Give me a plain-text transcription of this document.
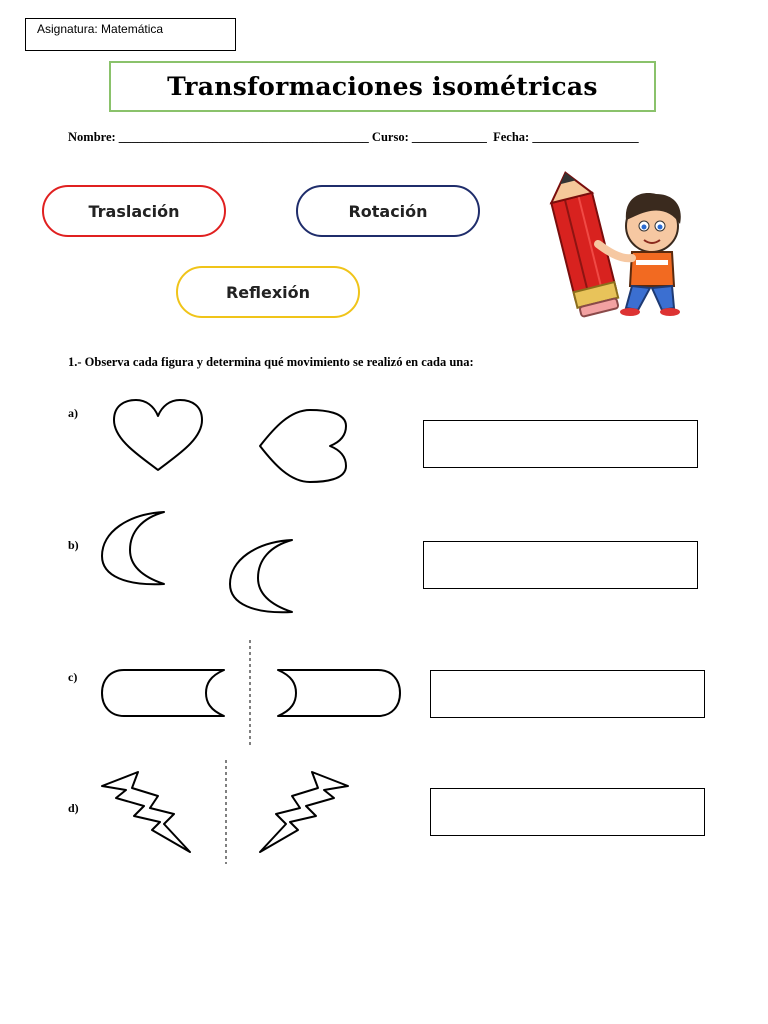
Asignatura: Matemática
Transformaciones isométricas
Nombre: ________________________________________ Curso: ____________  Fecha: _________________
Traslación	Rotación
Reflexión
1.- Observa cada figura y determina qué movimiento se realizó en cada una:
a)
b)
c)
d)
